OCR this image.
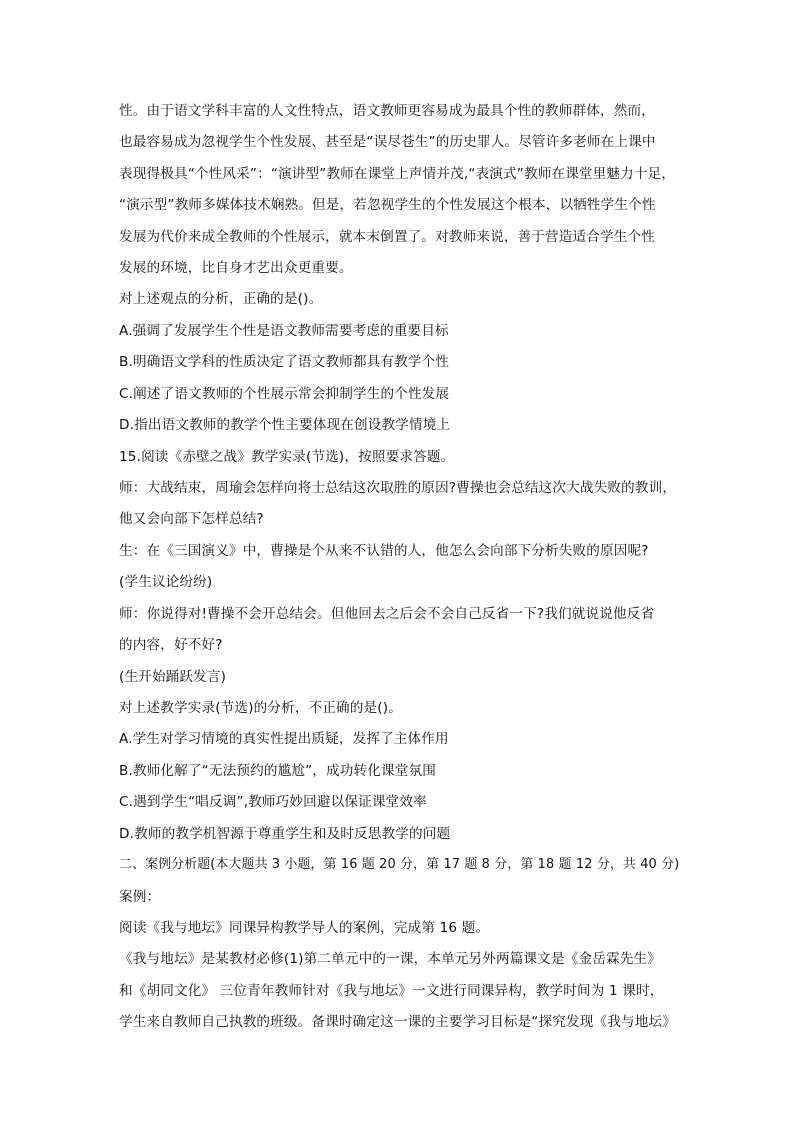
性。由于语文学科丰富的人文性特点，语文教师更容易成为最具个性的教师群体，然而，
也最容易成为忽视学生个性发展、甚至是“误尽苍生”的历史罪人。尽管许多老师在上课中
表现得极具“个性风采”：“演讲型”教师在课堂上声情并茂,“表演式”教师在课堂里魅力十足，
“演示型”教师多媒体技术娴熟。但是，若忽视学生的个性发展这个根本，以牺牲学生个性
发展为代价来成全教师的个性展示，就本末倒置了。对教师来说，善于营造适合学生个性
发展的环境，比自身才艺出众更重要。
对上述观点的分析，正确的是()。
A.强调了发展学生个性是语文教师需要考虑的重要目标
B.明确语文学科的性质决定了语文教师都具有教学个性
C.阐述了语文教师的个性展示常会抑制学生的个性发展
D.指出语文教师的教学个性主要体现在创设教学情境上
15.阅读《赤壁之战》教学实录(节选)，按照要求答题。
师：大战结束，周瑜会怎样向将士总结这次取胜的原因?曹操也会总结这次大战失败的教训，
他又会向部下怎样总结?
生：在《三国演义》中，曹操是个从来不认错的人，他怎么会向部下分析失败的原因呢?
(学生议论纷纷)
师：你说得对!曹操不会开总结会。但他回去之后会不会自己反省一下?我们就说说他反省
的内容，好不好?
(生开始踊跃发言)
对上述教学实录(节选)的分析，不正确的是()。
A.学生对学习情境的真实性提出质疑，发挥了主体作用
B.教师化解了“无法预约的尴尬”，成功转化课堂氛围
C.遇到学生“唱反调”,教师巧妙回避以保证课堂效率
D.教师的教学机智源于尊重学生和及时反思教学的问题
二、案例分析题(本大题共 3 小题，第 16 题 20 分，第 17 题 8 分，第 18 题 12 分，共 40 分)
案例：
阅读《我与地坛》同课异构教学导人的案例，完成第 16 题。
《我与地坛》是某教材必修(1)第二单元中的一课，本单元另外两篇课文是《金岳霖先生》
和《胡同文化》 三位青年教师针对《我与地坛》一文进行同课异构，教学时间为 1 课时，
学生来自教师自己执教的班级。备课时确定这一课的主要学习目标是“探究发现《我与地坛》
